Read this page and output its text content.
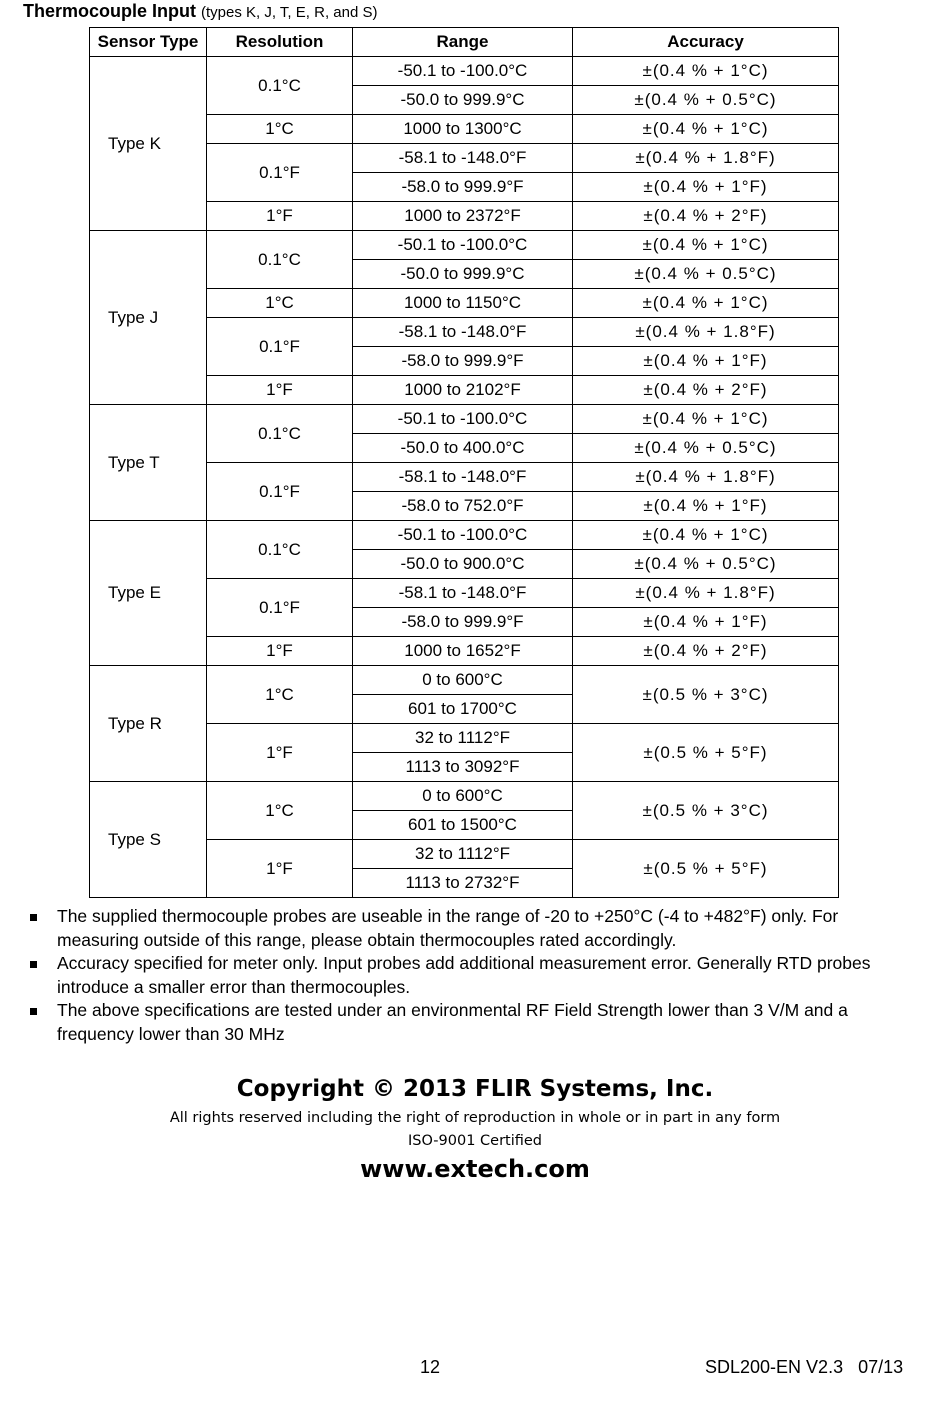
Thermocouple Input (types K, J, T, E, R, and S)
Sensor Type	Resolution	Range	Accuracy
Type K	0.1°C	-50.1 to -100.0°C	±(0.4 % + 1°C)
		-50.0 to 999.9°C	±(0.4 % + 0.5°C)
	1°C	1000 to 1300°C	±(0.4 % + 1°C)
	0.1°F	-58.1 to -148.0°F	±(0.4 % + 1.8°F)
		-58.0 to 999.9°F	±(0.4 % + 1°F)
	1°F	1000 to 2372°F	±(0.4 % + 2°F)
Type J	0.1°C	-50.1 to -100.0°C	±(0.4 % + 1°C)
		-50.0 to 999.9°C	±(0.4 % + 0.5°C)
	1°C	1000 to 1150°C	±(0.4 % + 1°C)
	0.1°F	-58.1 to -148.0°F	±(0.4 % + 1.8°F)
		-58.0 to 999.9°F	±(0.4 % + 1°F)
	1°F	1000 to 2102°F	±(0.4 % + 2°F)
Type T	0.1°C	-50.1 to -100.0°C	±(0.4 % + 1°C)
		-50.0 to 400.0°C	±(0.4 % + 0.5°C)
	0.1°F	-58.1 to -148.0°F	±(0.4 % + 1.8°F)
		-58.0 to 752.0°F	±(0.4 % + 1°F)
Type E	0.1°C	-50.1 to -100.0°C	±(0.4 % + 1°C)
		-50.0 to 900.0°C	±(0.4 % + 0.5°C)
	0.1°F	-58.1 to -148.0°F	±(0.4 % + 1.8°F)
		-58.0 to 999.9°F	±(0.4 % + 1°F)
	1°F	1000 to 1652°F	±(0.4 % + 2°F)
Type R	1°C	0 to 600°C	±(0.5 % + 3°C)
		601 to 1700°C	
	1°F	32 to 1112°F	±(0.5 % + 5°F)
		1113 to 3092°F	
Type S	1°C	0 to 600°C	±(0.5 % + 3°C)
		601 to 1500°C	
	1°F	32 to 1112°F	±(0.5 % + 5°F)
		1113 to 2732°F	
The supplied thermocouple probes are useable in the range of -20 to +250°C (-4 to +482°F) only. For measuring outside of this range, please obtain thermocouples rated accordingly.
Accuracy specified for meter only. Input probes add additional measurement error. Generally RTD probes introduce a smaller error than thermocouples.
The above specifications are tested under an environmental RF Field Strength lower than 3 V/M and a frequency lower than 30 MHz
Copyright © 2013 FLIR Systems, Inc.
All rights reserved including the right of reproduction in whole or in part in any form
ISO-9001 Certified
www.extech.com
12	SDL200-EN V2.3   07/13
